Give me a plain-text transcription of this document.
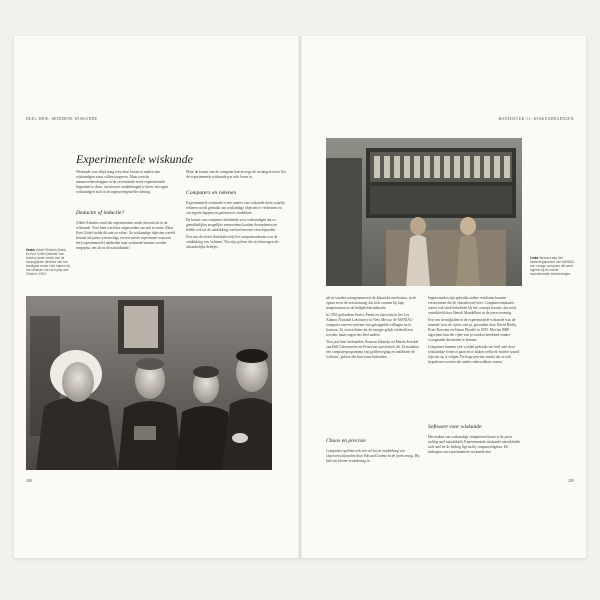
DEEL DRIE: MODERNE WISKUNDE	HOOFDSTUK 11: WISKUNDEGENZEN
Experimentele wiskunde

Wiskunde was altijd traag toen deze lossen te maken dan wiskundigen soms willen toegeven. Maar toen de natuurwetenschappen in de zeventiende eeuw experimentele begonnen te doen, om nieuwe ontdekkingen te doen, bewogen wiskundigen zich in de tegenovergestelde richting.

Deductie of inductie?

Albert Einstein vond dat experimenten uniek theoretisch in de wiskunde. Voor hem werd dat uitgevonden om aan te tonen. Maar Kurt Gödel stelde dit niet zo zeker: 'de wiskundige objecten wereld bestaat als juiste wetenschap, en een zuiver experiment waarvan het [experimentele] methoden naar wiskunde kunnen worden toegepast, net als in de natuurkunde.'

Maar de komst van de computer halverwege de twintigste eeuw liet de experimentele wiskunde pas echt leven in.

Computers en rekenen

Experimentele wiskunde is een manier van wiskunde doen waarbij rekenen wordt gebruikt om wiskundige objecten te verkennen en om eigenschappen en patronen te ontdekken.

De komst van computers betekende voor wiskundigen dat ze gemakkelijker mogelijke vermoedens konden doorrekenen en leidde ook tot de ontdekking van heel nieuwe verschijnselen.

Een van de eerste doorbraken bij het computerrekenen was de ontdekking van 'solitons'. Dat zijn golven die zich bewegen als afzonderlijke deeltjes.

Onder Albert Einstein (links) en Kurt Gödel (tweede van rechts) waren beide van de belangrijkste denkers van het twintigste eeuw. Hier samen bij het uitreiken van een prijs aan Gödel in 1951.
288
Links Werkers aan het bedieningspaneel van MANIAC, een vroege computer die werd ingezet bij de eerste experimentele berekeningen.

als ze werden waargenomen in de klassieke mechanica, in de optica en in de zeestroming; dat zich vormen bij lage temperaturen en de halfgeleiderindustrie.

In 1955 gebruikten Enrico Fermi en zijn team in het Los Alamos National Laboratory in New Mexico de MANIAC-computer om een systeem van gekoppelde trillingen na te bootsen. Ze verwachtten dat de energie gelijk verdeeld zou worden, maar zagen iets heel anders.

Tien jaar later herhaalden Norman Zabusky en Martin Kruskal van Bell Laboratories en Princeton universiteit dit. Ze maakten een computerprogramma van golfbeweging en ontdekten de 'solitons', golven die hun vorm behouden.

Chaos en precisie

Computers spelden ook een rol bij de ontdekking van chaosverschijnselen door Edward Lorenz in de jaren zestig. Hij had een kleine verandering in

beginwaarden zijn gebruikt andere resultaten kunnen veroorzaken dat de chaostheorie heet. Computersimulaties waren ook sterk betrokken bij het concept fractals, dat werd ontwikkeld door Benoît Mandelbrot in de jaren zeventig.

Een van de mijlpalen in de experimentele wiskunde was de formule voor de cijfers van pi, gevonden door David Bailey, Peter Borwein en Simon Plouffe in 1995. Met het BBP-algoritme kun elk cijfer van pi worden berekend zonder voorgaande decimalen te kennen.

Computers kunnen ook worden gebruikt om heel snel door wiskundige feiten te gaan en te kijken welke de moeite waard zijn om op te volgen. De hoge precisie maakt dat ze ook hypotheses toetsen die anders onbereikbaar waren.

Software voor wiskunde

Het maken van wiskundige computersoftware is de jaren tachtig snel ontwikkeld. Experimentele wiskunde ontwikkelde zich snel en de leiding ligt nu bij computeralgebra. De bedragen van experimentele wiskunde met

289
